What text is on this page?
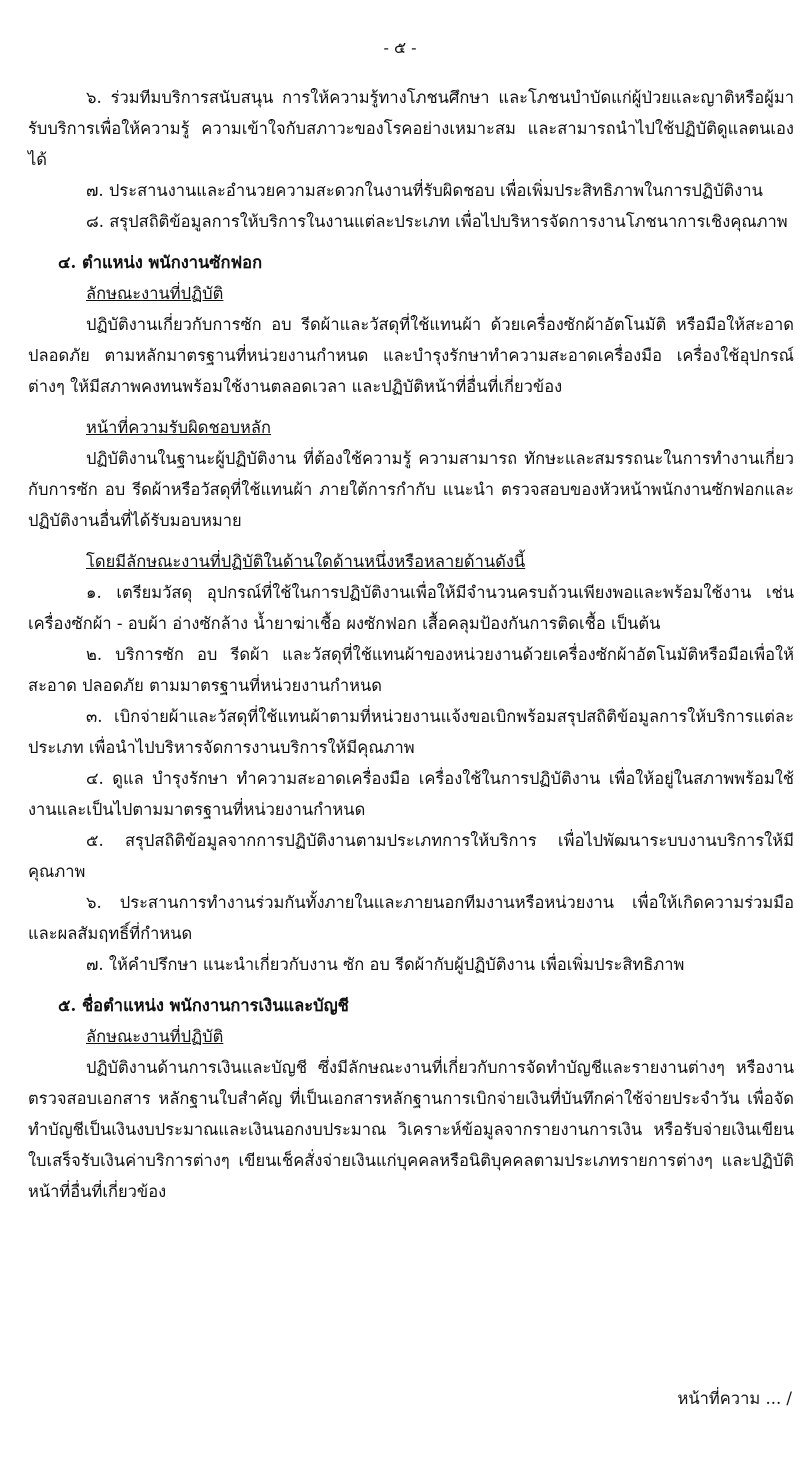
- ๕ -

๖. ร่วมทีมบริการสนับสนุน การให้ความรู้ทางโภชนศึกษา และโภชนบำบัดแก่ผู้ป่วยและญาติหรือผู้มารับบริการเพื่อให้ความรู้ ความเข้าใจกับสภาวะของโรคอย่างเหมาะสม และสามารถนำไปใช้ปฏิบัติดูแลตนเองได้

๗. ประสานงานและอำนวยความสะดวกในงานที่รับผิดชอบ เพื่อเพิ่มประสิทธิภาพในการปฏิบัติงาน

๘. สรุปสถิติข้อมูลการให้บริการในงานแต่ละประเภท เพื่อไปบริหารจัดการงานโภชนาการเชิงคุณภาพ

๔. ตำแหน่ง พนักงานซักฟอก

ลักษณะงานที่ปฏิบัติ

ปฏิบัติงานเกี่ยวกับการซัก อบ รีดผ้าและวัสดุที่ใช้แทนผ้า ด้วยเครื่องซักผ้าอัตโนมัติ หรือมือให้สะอาด ปลอดภัย ตามหลักมาตรฐานที่หน่วยงานกำหนด และบำรุงรักษาทำความสะอาดเครื่องมือ เครื่องใช้อุปกรณ์ต่างๆ ให้มีสภาพคงทนพร้อมใช้งานตลอดเวลา และปฏิบัติหน้าที่อื่นที่เกี่ยวข้อง

หน้าที่ความรับผิดชอบหลัก

ปฏิบัติงานในฐานะผู้ปฏิบัติงาน ที่ต้องใช้ความรู้ ความสามารถ ทักษะและสมรรถนะในการทำงานเกี่ยวกับการซัก อบ รีดผ้าหรือวัสดุที่ใช้แทนผ้า ภายใต้การกำกับ แนะนำ ตรวจสอบของหัวหน้าพนักงานซักฟอกและปฏิบัติงานอื่นที่ได้รับมอบหมาย

โดยมีลักษณะงานที่ปฏิบัติในด้านใดด้านหนึ่งหรือหลายด้านดังนี้

๑. เตรียมวัสดุ อุปกรณ์ที่ใช้ในการปฏิบัติงานเพื่อให้มีจำนวนครบถ้วนเพียงพอและพร้อมใช้งาน เช่น เครื่องซักผ้า - อบผ้า อ่างซักล้าง น้ำยาฆ่าเชื้อ ผงซักฟอก เสื้อคลุมป้องกันการติดเชื้อ เป็นต้น

๒. บริการซัก อบ รีดผ้า และวัสดุที่ใช้แทนผ้าของหน่วยงานด้วยเครื่องซักผ้าอัตโนมัติหรือมือเพื่อให้สะอาด ปลอดภัย ตามมาตรฐานที่หน่วยงานกำหนด

๓. เบิกจ่ายผ้าและวัสดุที่ใช้แทนผ้าตามที่หน่วยงานแจ้งขอเบิกพร้อมสรุปสถิติข้อมูลการให้บริการแต่ละประเภท เพื่อนำไปบริหารจัดการงานบริการให้มีคุณภาพ

๔. ดูแล บำรุงรักษา ทำความสะอาดเครื่องมือ เครื่องใช้ในการปฏิบัติงาน เพื่อให้อยู่ในสภาพพร้อมใช้งานและเป็นไปตามมาตรฐานที่หน่วยงานกำหนด

๕. สรุปสถิติข้อมูลจากการปฏิบัติงานตามประเภทการให้บริการ เพื่อไปพัฒนาระบบงานบริการให้มีคุณภาพ

๖. ประสานการทำงานร่วมกันทั้งภายในและภายนอกทีมงานหรือหน่วยงาน เพื่อให้เกิดความร่วมมือและผลสัมฤทธิ์ที่กำหนด

๗. ให้คำปรึกษา แนะนำเกี่ยวกับงาน ซัก อบ รีดผ้ากับผู้ปฏิบัติงาน เพื่อเพิ่มประสิทธิภาพ

๕. ชื่อตำแหน่ง พนักงานการเงินและบัญชี

ลักษณะงานที่ปฏิบัติ

ปฏิบัติงานด้านการเงินและบัญชี ซึ่งมีลักษณะงานที่เกี่ยวกับการจัดทำบัญชีและรายงานต่างๆ หรืองานตรวจสอบเอกสาร หลักฐานใบสำคัญ ที่เป็นเอกสารหลักฐานการเบิกจ่ายเงินที่บันทึกค่าใช้จ่ายประจำวัน เพื่อจัดทำบัญชีเป็นเงินงบประมาณและเงินนอกงบประมาณ วิเคราะห์ข้อมูลจากรายงานการเงิน หรือรับจ่ายเงินเขียนใบเสร็จรับเงินค่าบริการต่างๆ เขียนเช็คสั่งจ่ายเงินแก่บุคคลหรือนิติบุคคลตามประเภทรายการต่างๆ และปฏิบัติหน้าที่อื่นที่เกี่ยวข้อง

หน้าที่ความ ... /
